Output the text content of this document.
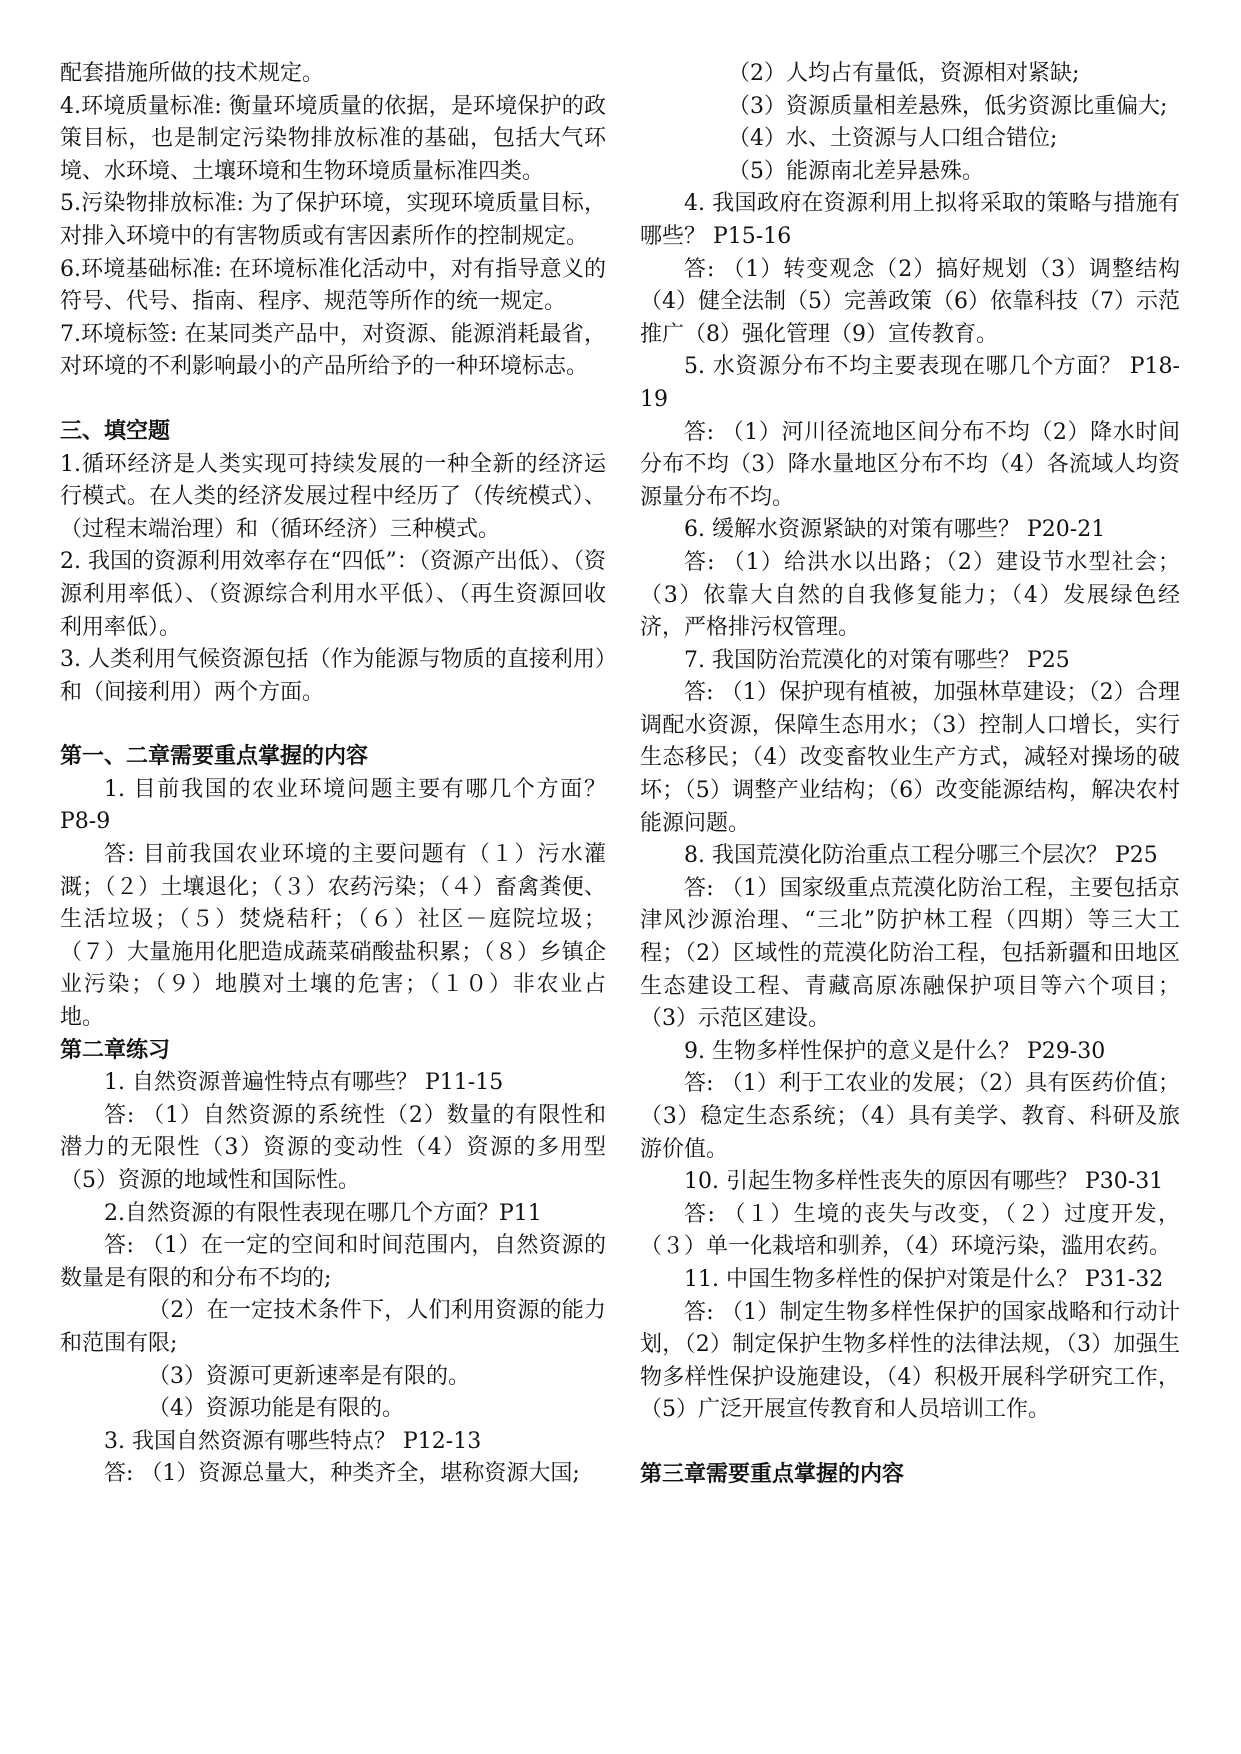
配套措施所做的技术规定。

4.环境质量标准: 衡量环境质量的依据，是环境保护的政策目标，也是制定污染物排放标准的基础，包括大气环境、水环境、土壤环境和生物环境质量标准四类。

5.污染物排放标准: 为了保护环境，实现环境质量目标，对排入环境中的有害物质或有害因素所作的控制规定。

6.环境基础标准: 在环境标准化活动中，对有指导意义的符号、代号、指南、程序、规范等所作的统一规定。

7.环境标签: 在某同类产品中，对资源、能源消耗最省，对环境的不利影响最小的产品所给予的一种环境标志。

三、填空题

1.循环经济是人类实现可持续发展的一种全新的经济运行模式。在人类的经济发展过程中经历了（传统模式）、（过程末端治理）和（循环经济）三种模式。

2. 我国的资源利用效率存在“四低”：（资源产出低）、（资源利用率低）、（资源综合利用水平低）、（再生资源回收利用率低）。

3. 人类利用气候资源包括（作为能源与物质的直接利用）和（间接利用）两个方面。

第一、二章需要重点掌握的内容

1. 目前我国的农业环境问题主要有哪几个方面？ P8-9

答: 目前我国农业环境的主要问题有（１）污水灌溉；（２）土壤退化；（３）农药污染；（４）畜禽粪便、生活垃圾；（５）焚烧秸秆；（６）社区－庭院垃圾；（７）大量施用化肥造成蔬菜硝酸盐积累；（８）乡镇企业污染；（９）地膜对土壤的危害；（１０）非农业占地。

第二章练习

1. 自然资源普遍性特点有哪些？ P11-15

答: （1）自然资源的系统性（2）数量的有限性和潜力的无限性（3）资源的变动性（4）资源的多用型（5）资源的地域性和国际性。

2.自然资源的有限性表现在哪几个方面？P11

答: （1）在一定的空间和时间范围内，自然资源的数量是有限的和分布不均的;

（2）在一定技术条件下，人们利用资源的能力和范围有限;

（3）资源可更新速率是有限的。

（4）资源功能是有限的。

3. 我国自然资源有哪些特点？ P12-13

答: （1）资源总量大，种类齐全，堪称资源大国;

（2）人均占有量低，资源相对紧缺;

（3）资源质量相差悬殊，低劣资源比重偏大;

（4）水、土资源与人口组合错位;

（5）能源南北差异悬殊。

4. 我国政府在资源利用上拟将采取的策略与措施有哪些？ P15-16

答: （1）转变观念（2）搞好规划（3）调整结构（4）健全法制（5）完善政策（6）依靠科技（7）示范推广（8）强化管理（9）宣传教育。

5. 水资源分布不均主要表现在哪几个方面？ P18-19

答: （1）河川径流地区间分布不均（2）降水时间分布不均（3）降水量地区分布不均（4）各流域人均资源量分布不均。

6. 缓解水资源紧缺的对策有哪些？ P20-21

答: （1）给洪水以出路；（2）建设节水型社会；（3）依靠大自然的自我修复能力；（4）发展绿色经济，严格排污权管理。

7. 我国防治荒漠化的对策有哪些？ P25

答: （1）保护现有植被，加强林草建设；（2）合理调配水资源，保障生态用水；（3）控制人口增长，实行生态移民；（4）改变畜牧业生产方式，减轻对操场的破坏；（5）调整产业结构；（6）改变能源结构，解决农村能源问题。

8. 我国荒漠化防治重点工程分哪三个层次？ P25

答: （1）国家级重点荒漠化防治工程，主要包括京津风沙源治理、“三北”防护林工程（四期）等三大工程；（2）区域性的荒漠化防治工程，包括新疆和田地区生态建设工程、青藏高原冻融保护项目等六个项目；（3）示范区建设。

9. 生物多样性保护的意义是什么？ P29-30

答: （1）利于工农业的发展；（2）具有医药价值；（3）稳定生态系统；（4）具有美学、教育、科研及旅游价值。

10. 引起生物多样性丧失的原因有哪些？ P30-31

答: （１）生境的丧失与改变，（２）过度开发，（３）单一化栽培和驯养，（4）环境污染，滥用农药。

11. 中国生物多样性的保护对策是什么？ P31-32

答: （1）制定生物多样性保护的国家战略和行动计划，（2）制定保护生物多样性的法律法规，（3）加强生物多样性保护设施建设，（4）积极开展科学研究工作，（5）广泛开展宣传教育和人员培训工作。

第三章需要重点掌握的内容
